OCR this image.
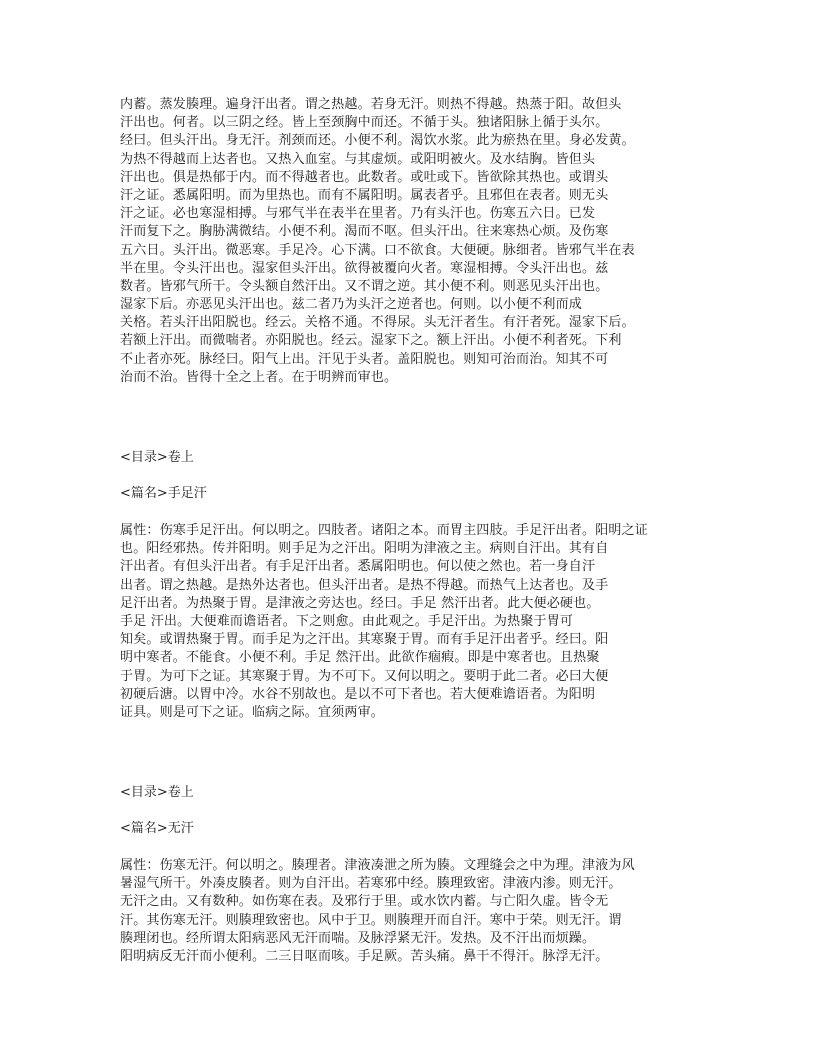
内蓄。蒸发腠理。遍身汗出者。谓之热越。若身无汗。则热不得越。热蒸于阳。故但头
汗出也。何者。以三阴之经。皆上至颈胸中而还。不循于头。独诸阳脉上循于头尔。
经曰。但头汗出。身无汗。剂颈而还。小便不利。渴饮水浆。此为瘀热在里。身必发黄。
为热不得越而上达者也。又热入血室。与其虚烦。或阳明被火。及水结胸。皆但头
汗出也。俱是热郁于内。而不得越者也。此数者。或吐或下。皆欲除其热也。或谓头
汗之证。悉属阳明。而为里热也。而有不属阳明。属表者乎。且邪但在表者。则无头
汗之证。必也寒湿相搏。与邪气半在表半在里者。乃有头汗也。伤寒五六日。已发
汗而复下之。胸胁满微结。小便不利。渴而不呕。但头汗出。往来寒热心烦。及伤寒
五六日。头汗出。微恶寒。手足冷。心下满。口不欲食。大便硬。脉细者。皆邪气半在表
半在里。令头汗出也。湿家但头汗出。欲得被覆向火者。寒湿相搏。令头汗出也。兹
数者。皆邪气所干。令头额自然汗出。又不谓之逆。其小便不利。则恶见头汗出也。
湿家下后。亦恶见头汗出也。兹二者乃为头汗之逆者也。何则。以小便不利而成
关格。若头汗出阳脱也。经云。关格不通。不得尿。头无汗者生。有汗者死。湿家下后。
若额上汗出。而微喘者。亦阳脱也。经云。湿家下之。额上汗出。小便不利者死。下利
不止者亦死。脉经曰。阳气上出。汗见于头者。盖阳脱也。则知可治而治。知其不可
治而不治。皆得十全之上者。在于明辨而审也。
<目录>卷上
<篇名>手足汗
属性：伤寒手足汗出。何以明之。四肢者。诸阳之本。而胃主四肢。手足汗出者。阳明之证
也。阳经邪热。传并阳明。则手足为之汗出。阳明为津液之主。病则自汗出。其有自
汗出者。有但头汗出者。有手足汗出者。悉属阳明也。何以使之然也。若一身自汗
出者。谓之热越。是热外达者也。但头汗出者。是热不得越。而热气上达者也。及手
足汗出者。为热聚于胃。是津液之旁达也。经曰。手足 然汗出者。此大便必硬也。
手足 汗出。大便难而谵语者。下之则愈。由此观之。手足汗出。为热聚于胃可
知矣。或谓热聚于胃。而手足为之汗出。其寒聚于胃。而有手足汗出者乎。经曰。阳
明中寒者。不能食。小便不利。手足 然汗出。此欲作痼瘕。即是中寒者也。且热聚
于胃。为可下之证。其寒聚于胃。为不可下。又何以明之。要明于此二者。必曰大便
初硬后溏。以胃中冷。水谷不别故也。是以不可下者也。若大便难谵语者。为阳明
证具。则是可下之证。临病之际。宜须两审。
<目录>卷上
<篇名>无汗
属性：伤寒无汗。何以明之。腠理者。津液凑泄之所为腠。文理缝会之中为理。津液为风
暑湿气所干。外凑皮腠者。则为自汗出。若寒邪中经。腠理致密。津液内渗。则无汗。
无汗之由。又有数种。如伤寒在表。及邪行于里。或水饮内蓄。与亡阳久虚。皆令无
汗。其伤寒无汗。则腠理致密也。风中于卫。则腠理开而自汗。寒中于荣。则无汗。谓
腠理闭也。经所谓太阳病恶风无汗而喘。及脉浮紧无汗。发热。及不汗出而烦躁。
阳明病反无汗而小便利。二三日呕而咳。手足厥。苦头痛。鼻干不得汗。脉浮无汗。
